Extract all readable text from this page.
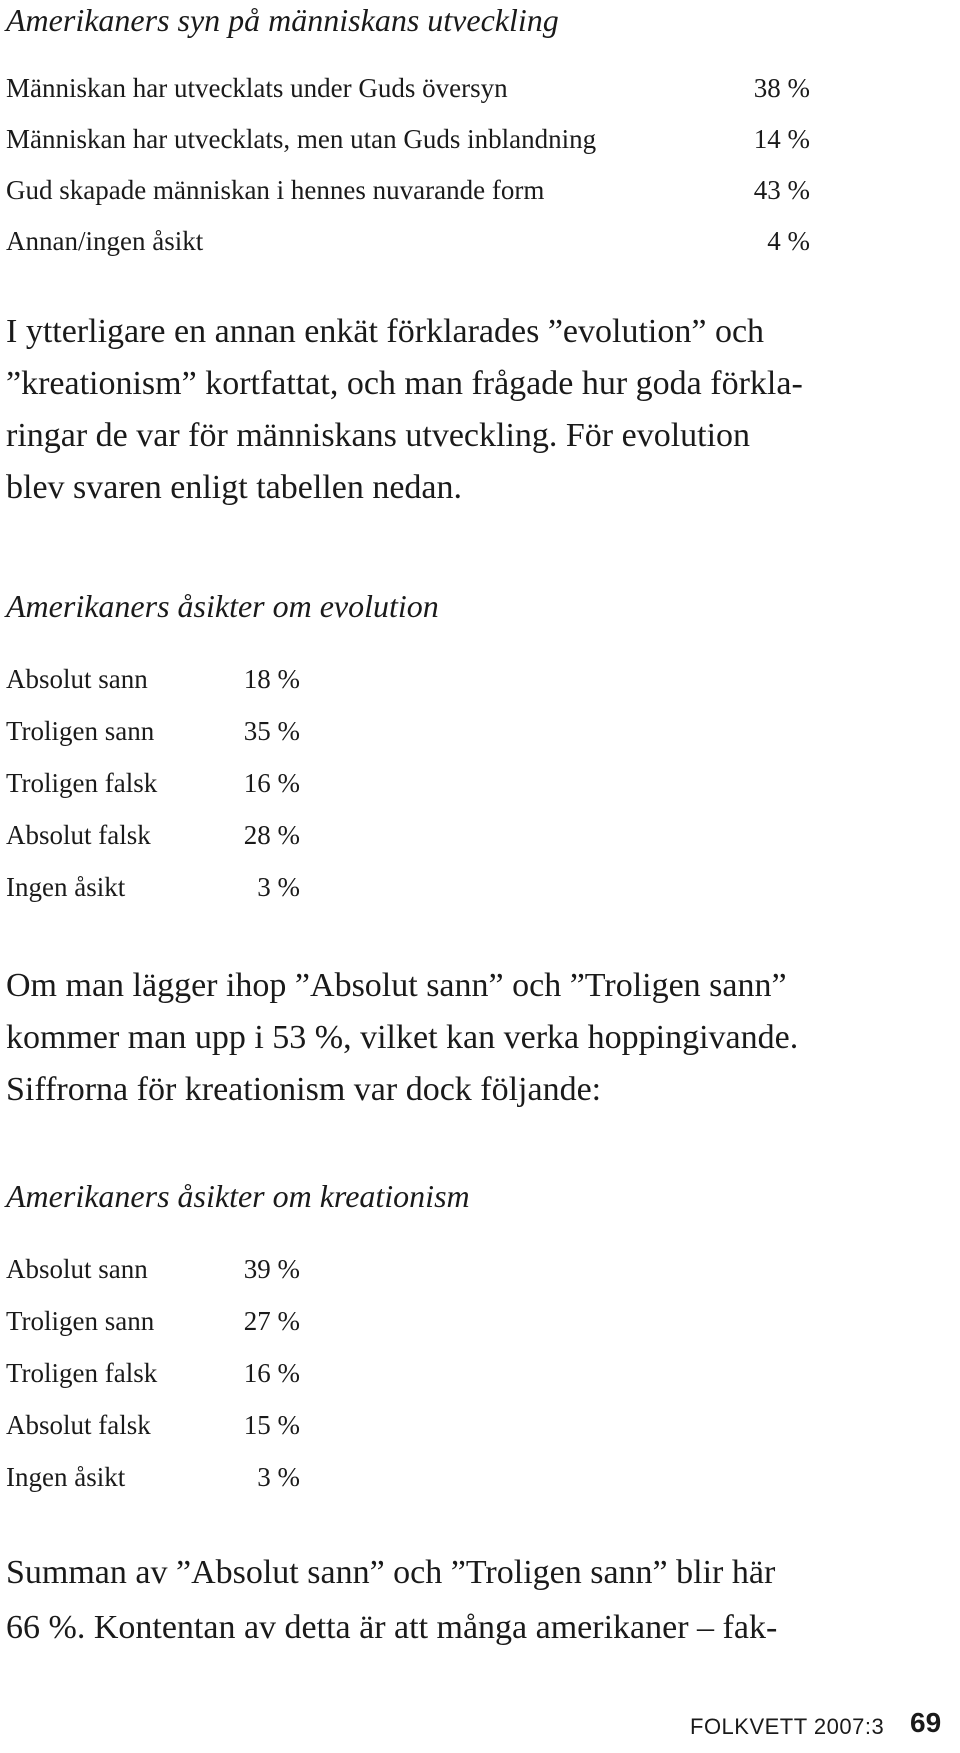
Amerikaners syn på människans utveckling
Människan har utvecklats under Guds översyn	38 %
Människan har utvecklats, men utan Guds inblandning	14 %
Gud skapade människan i hennes nuvarande form	43 %
Annan/ingen åsikt	4 %
I ytterligare en annan enkät förklarades ”evolution” och
”kreationism” kortfattat, och man frågade hur goda förkla-
ringar de var för människans utveckling. För evolution
blev svaren enligt tabellen nedan.
Amerikaners åsikter om evolution
Absolut sann	18 %
Troligen sann	35 %
Troligen falsk	16 %
Absolut falsk	28 %
Ingen åsikt	3 %
Om man lägger ihop ”Absolut sann” och ”Troligen sann”
kommer man upp i 53 %, vilket kan verka hoppingivande.
Siffrorna för kreationism var dock följande:
Amerikaners åsikter om kreationism
Absolut sann	39 %
Troligen sann	27 %
Troligen falsk	16 %
Absolut falsk	15 %
Ingen åsikt	3 %
Summan av ”Absolut sann” och ”Troligen sann” blir här
66 %. Kontentan av detta är att många amerikaner – fak-
FOLKVETT 2007:3 69
